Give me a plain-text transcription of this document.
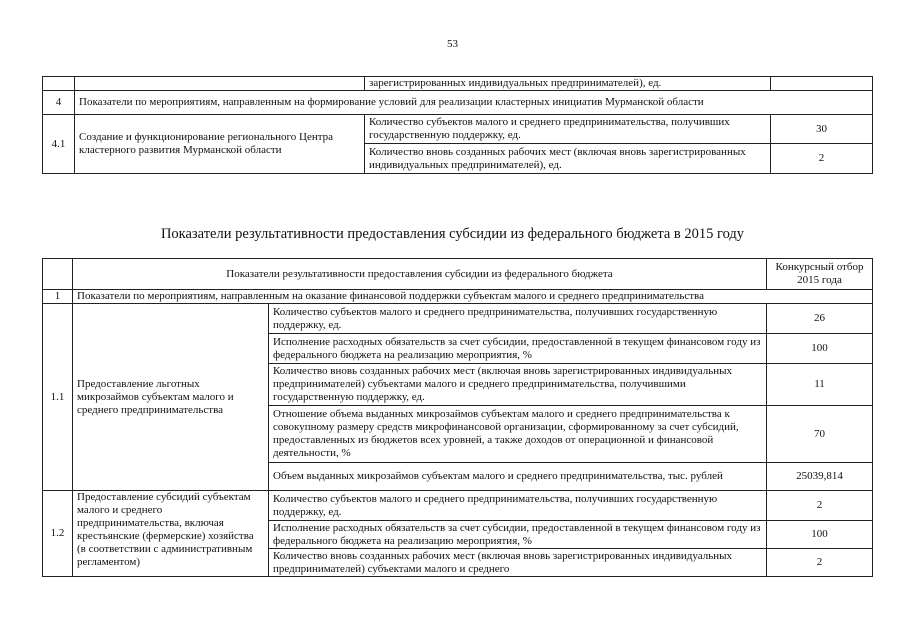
53
		зарегистрированных индивидуальных предпринимателей), ед.	
4	Показатели по мероприятиям, направленным на формирование условий для реализации кластерных инициатив Мурманской области		
4.1	Создание и функционирование регионального Центра кластерного развития Мурманской области	Количество субъектов малого и среднего предпринимательства, получивших государственную поддержку, ед.	30
		Количество вновь созданных рабочих мест (включая вновь зарегистрированных индивидуальных предпринимателей), ед.	2
Показатели результативности предоставления субсидии из федерального бюджета в 2015 году
	Показатели результативности предоставления субсидии из федерального бюджета		Конкурсный отбор 2015 года
1	Показатели по мероприятиям, направленным на оказание финансовой поддержки субъектам малого и среднего предпринимательства		
1.1	Предоставление льготных микрозаймов субъектам малого и среднего предпринимательства	Количество субъектов малого и среднего предпринимательства, получивших государственную поддержку, ед.	26
		Исполнение расходных обязательств за счет субсидии, предоставленной в текущем финансовом году из федерального бюджета на реализацию мероприятия, %	100
		Количество вновь созданных рабочих мест (включая вновь зарегистрированных индивидуальных предпринимателей) субъектами малого и среднего предпринимательства, получившими государственную поддержку, ед.	11
		Отношение объема выданных микрозаймов субъектам малого и среднего предпринимательства к совокупному размеру средств микрофинансовой организации, сформированному за счет субсидий, предоставленных из бюджетов всех уровней, а также доходов от операционной и финансовой деятельности, %	70
		Объем выданных микрозаймов субъектам малого и среднего предпринимательства, тыс. рублей	25039,814
1.2	Предоставление субсидий субъектам малого и среднего предпринимательства, включая крестьянские (фермерские) хозяйства (в соответствии с административным регламентом)	Количество субъектов малого и среднего предпринимательства, получивших государственную поддержку, ед.	2
		Исполнение расходных обязательств за счет субсидии, предоставленной в текущем финансовом году из федерального бюджета на реализацию мероприятия, %	100
		Количество вновь созданных рабочих мест (включая вновь зарегистрированных индивидуальных предпринимателей) субъектами малого и среднего	2
